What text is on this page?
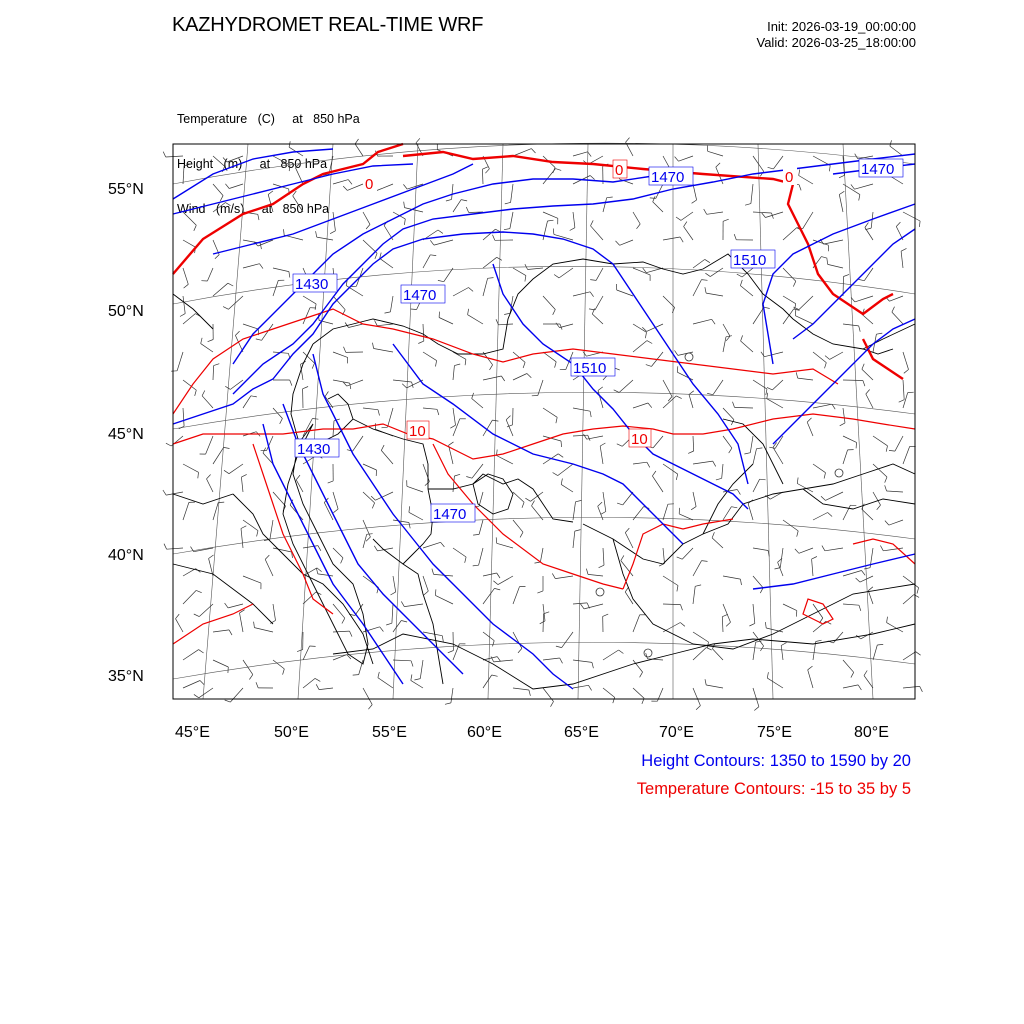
KAZHYDROMET REAL-TIME WRF	Init: 2026-03-19_00:00:00
Valid: 2026-03-25_18:00:00

Temperature   (C)     at   850 hPa

Height   (m)     at   850 hPa

Wind   (m/s)     at   850 hPa

1470	1470
1430
1470
1510
1510
1430
1470
0
0	0
10	10
55°N
50°N
45°N
40°N
35°N
45°E	50°E	55°E	60°E	65°E	70°E	75°E	80°E
Height Contours: 1350 to 1590 by 20
Temperature Contours: -15 to 35 by 5
